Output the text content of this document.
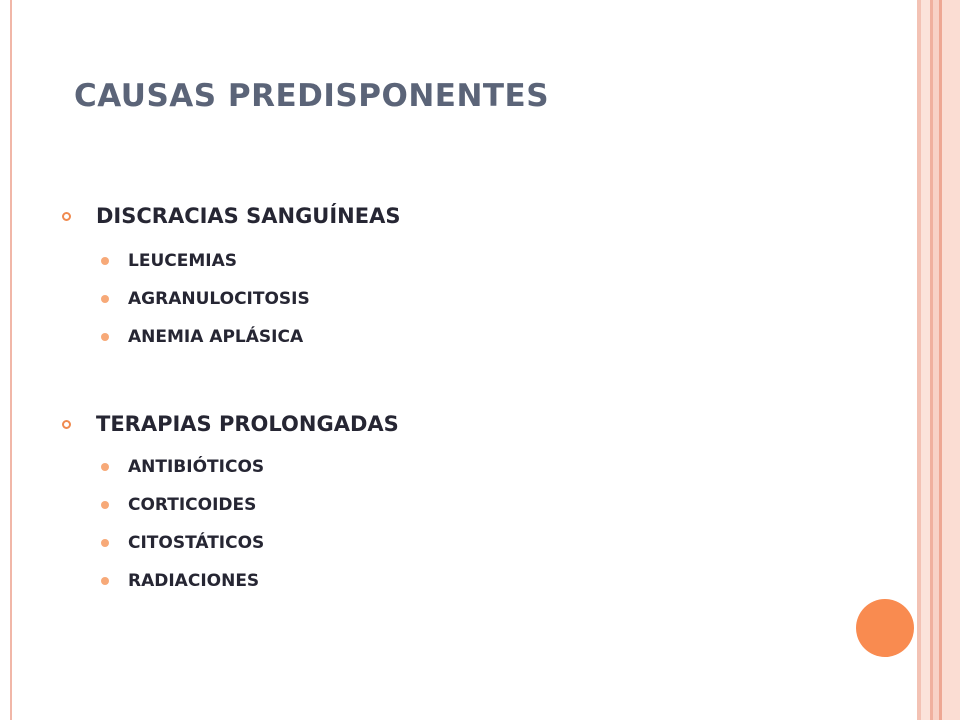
CAUSAS PREDISPONENTES
DISCRACIAS SANGUÍNEAS
LEUCEMIAS
AGRANULOCITOSIS
ANEMIA APLÁSICA
TERAPIAS PROLONGADAS
ANTIBIÓTICOS
CORTICOIDES
CITOSTÁTICOS
RADIACIONES
